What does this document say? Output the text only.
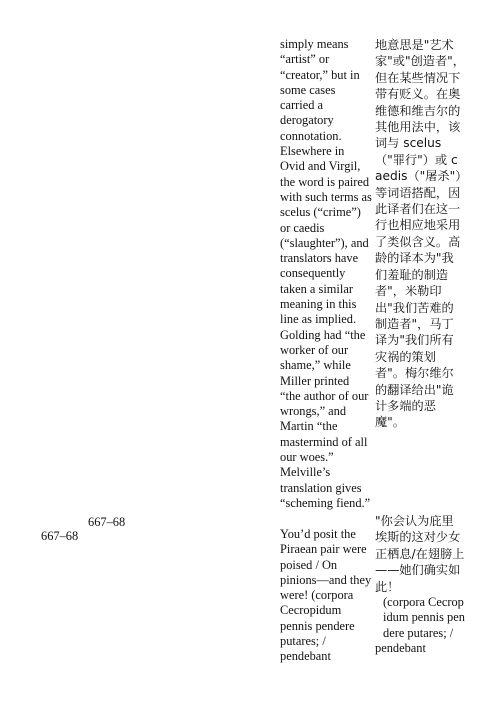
simply means “artist” or “creator,” but in some cases carried a derogatory connotation. Elsewhere in Ovid and Virgil, the word is paired with such terms as scelus (“crime”) or caedis (“slaughter”), and translators have consequently taken a similar meaning in this line as implied. Golding had “the worker of our shame,” while Miller printed “the author of our wrongs,” and Martin “the mastermind of all our woes.” Melville’s translation gives “scheming fiend.”
地意思是"艺术家"或"创造者"，但在某些情况下带有贬义。在奥维德和维吉尔的其他用法中，该词与 scelus（"罪行"）或 caedis（"屠杀"）等词语搭配，因此译者们在这一行也相应地采用了类似含义。高龄的译本为"我们羞耻的制造者"，米勒印出"我们苦难的制造者"，马丁译为"我们所有灾祸的策划者"。梅尔维尔的翻译给出"诡计多端的恶魔"。
667–68
667–68	You’d posit the Piraean pair were poised / On pinions—and they were! (corpora Cecropidum pennis pendere putares; / pendebant
"你会认为庇里埃斯的这对少女正栖息/在翅膀上——她们确实如此！
(corpora Cecropidum pennis pendere putares; /
pendebant
